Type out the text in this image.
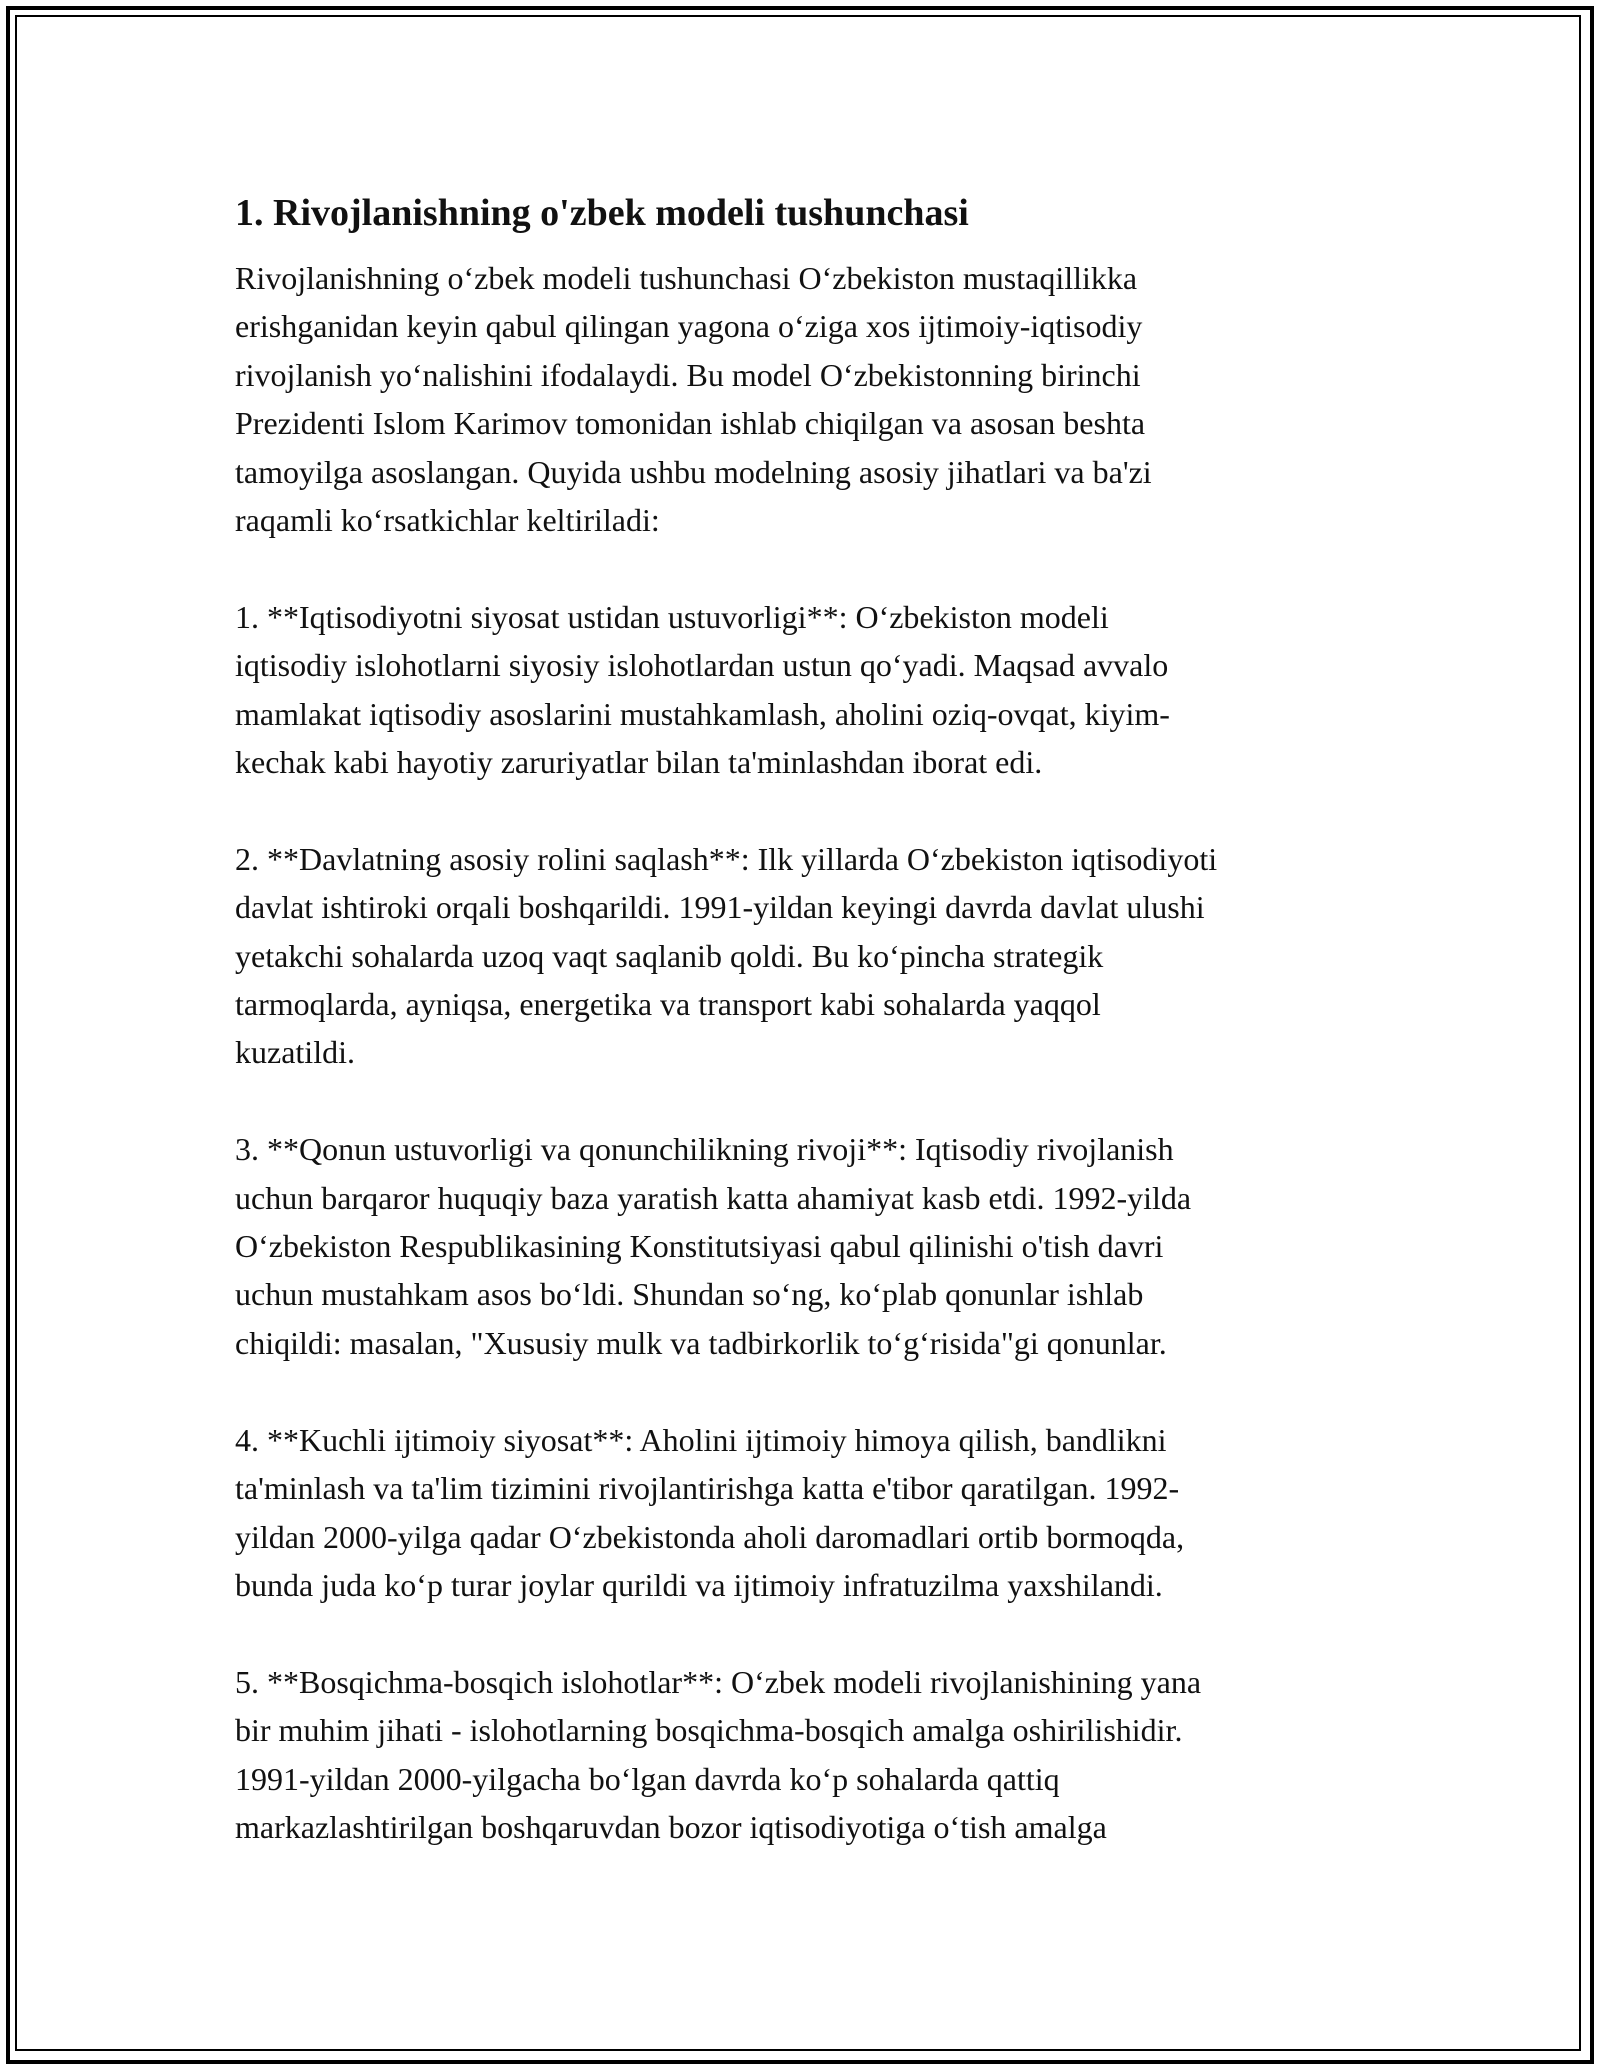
1. Rivojlanishning o'zbek modeli tushunchasi

Rivojlanishning o‘zbek modeli tushunchasi O‘zbekiston mustaqillikka
erishganidan keyin qabul qilingan yagona o‘ziga xos ijtimoiy-iqtisodiy
rivojlanish yo‘nalishini ifodalaydi. Bu model O‘zbekistonning birinchi
Prezidenti Islom Karimov tomonidan ishlab chiqilgan va asosan beshta
tamoyilga asoslangan. Quyida ushbu modelning asosiy jihatlari va ba'zi
raqamli ko‘rsatkichlar keltiriladi:

1. **Iqtisodiyotni siyosat ustidan ustuvorligi**: O‘zbekiston modeli
iqtisodiy islohotlarni siyosiy islohotlardan ustun qo‘yadi. Maqsad avvalo
mamlakat iqtisodiy asoslarini mustahkamlash, aholini oziq-ovqat, kiyim-
kechak kabi hayotiy zaruriyatlar bilan ta'minlashdan iborat edi.

2. **Davlatning asosiy rolini saqlash**: Ilk yillarda O‘zbekiston iqtisodiyoti
davlat ishtiroki orqali boshqarildi. 1991-yildan keyingi davrda davlat ulushi
yetakchi sohalarda uzoq vaqt saqlanib qoldi. Bu ko‘pincha strategik
tarmoqlarda, ayniqsa, energetika va transport kabi sohalarda yaqqol
kuzatildi.

3. **Qonun ustuvorligi va qonunchilikning rivoji**: Iqtisodiy rivojlanish
uchun barqaror huquqiy baza yaratish katta ahamiyat kasb etdi. 1992-yilda
O‘zbekiston Respublikasining Konstitutsiyasi qabul qilinishi o'tish davri
uchun mustahkam asos bo‘ldi. Shundan so‘ng, ko‘plab qonunlar ishlab
chiqildi: masalan, "Xususiy mulk va tadbirkorlik to‘g‘risida"gi qonunlar.

4. **Kuchli ijtimoiy siyosat**: Aholini ijtimoiy himoya qilish, bandlikni
ta'minlash va ta'lim tizimini rivojlantirishga katta e'tibor qaratilgan. 1992-
yildan 2000-yilga qadar O‘zbekistonda aholi daromadlari ortib bormoqda,
bunda juda ko‘p turar joylar qurildi va ijtimoiy infratuzilma yaxshilandi.

5. **Bosqichma-bosqich islohotlar**: O‘zbek modeli rivojlanishining yana
bir muhim jihati - islohotlarning bosqichma-bosqich amalga oshirilishidir.
1991-yildan 2000-yilgacha bo‘lgan davrda ko‘p sohalarda qattiq
markazlashtirilgan boshqaruvdan bozor iqtisodiyotiga o‘tish amalga
